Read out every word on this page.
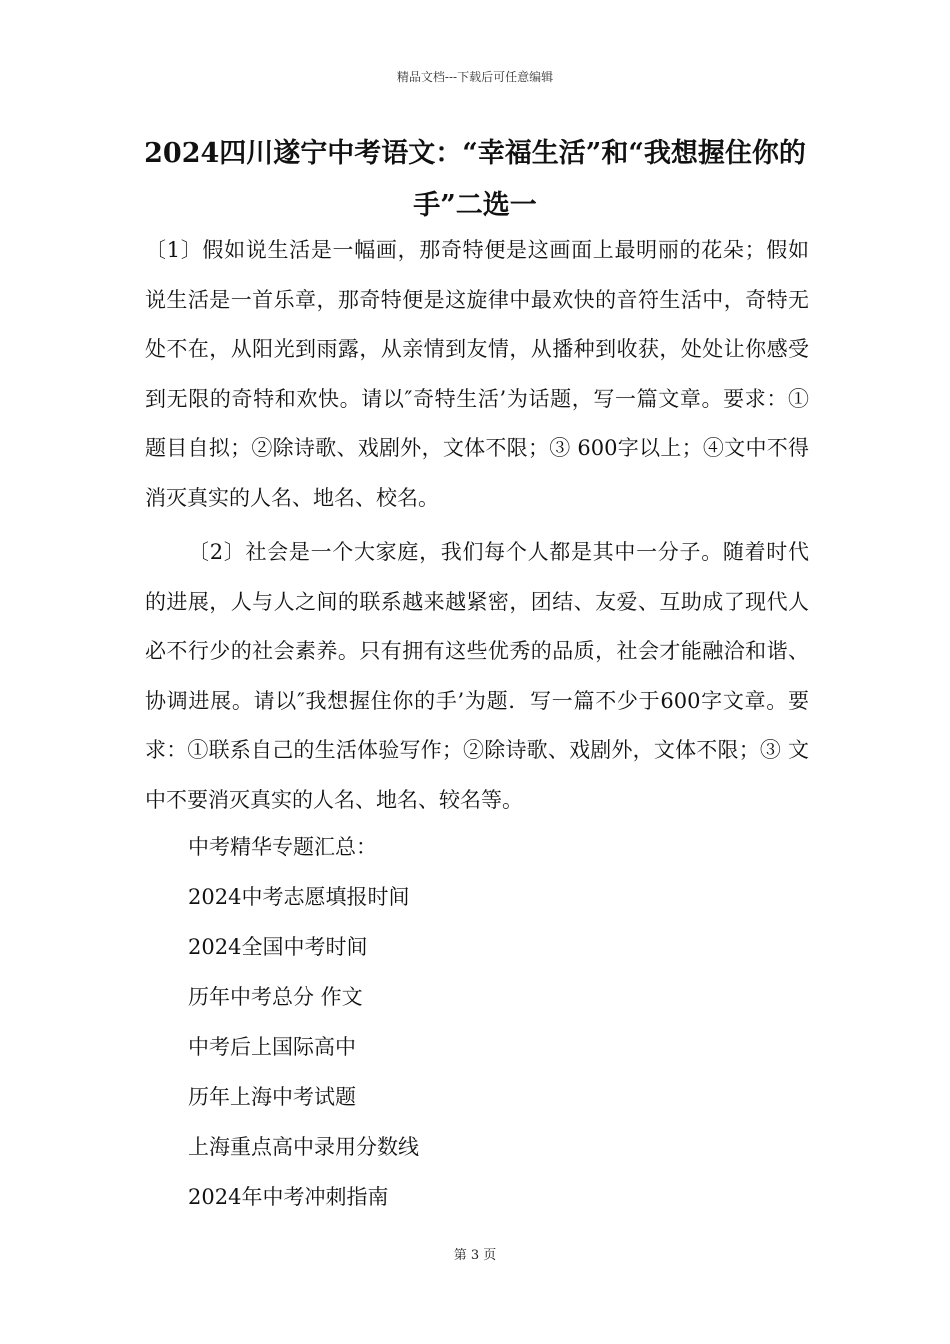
精品文档---下载后可任意编辑
2024四川遂宁中考语文：“幸福生活”和“我想握住你的手”二选一

〔1〕假如说生活是一幅画，那奇特便是这画面上最明丽的花朵；假如说生活是一首乐章，那奇特便是这旋律中最欢快的音符生活中，奇特无处不在，从阳光到雨露，从亲情到友情，从播种到收获，处处让你感受到无限的奇特和欢快。请以″奇特生活’为话题，写一篇文章。要求：①题目自拟；②除诗歌、戏剧外，文体不限；③ 600字以上；④文中不得消灭真实的人名、地名、校名。

〔2〕社会是一个大家庭，我们每个人都是其中一分子。随着时代的进展，人与人之间的联系越来越紧密，团结、友爱、互助成了现代人必不行少的社会素养。只有拥有这些优秀的品质，社会才能融洽和谐、协调进展。请以″我想握住你的手’为题．写一篇不少于600字文章。要求：①联系自己的生活体验写作；②除诗歌、戏剧外，文体不限；③ 文中不要消灭真实的人名、地名、较名等。

中考精华专题汇总：
2024中考志愿填报时间
2024全国中考时间
历年中考总分 作文
中考后上国际高中
历年上海中考试题
上海重点高中录用分数线
2024年中考冲刺指南
第 3 页
